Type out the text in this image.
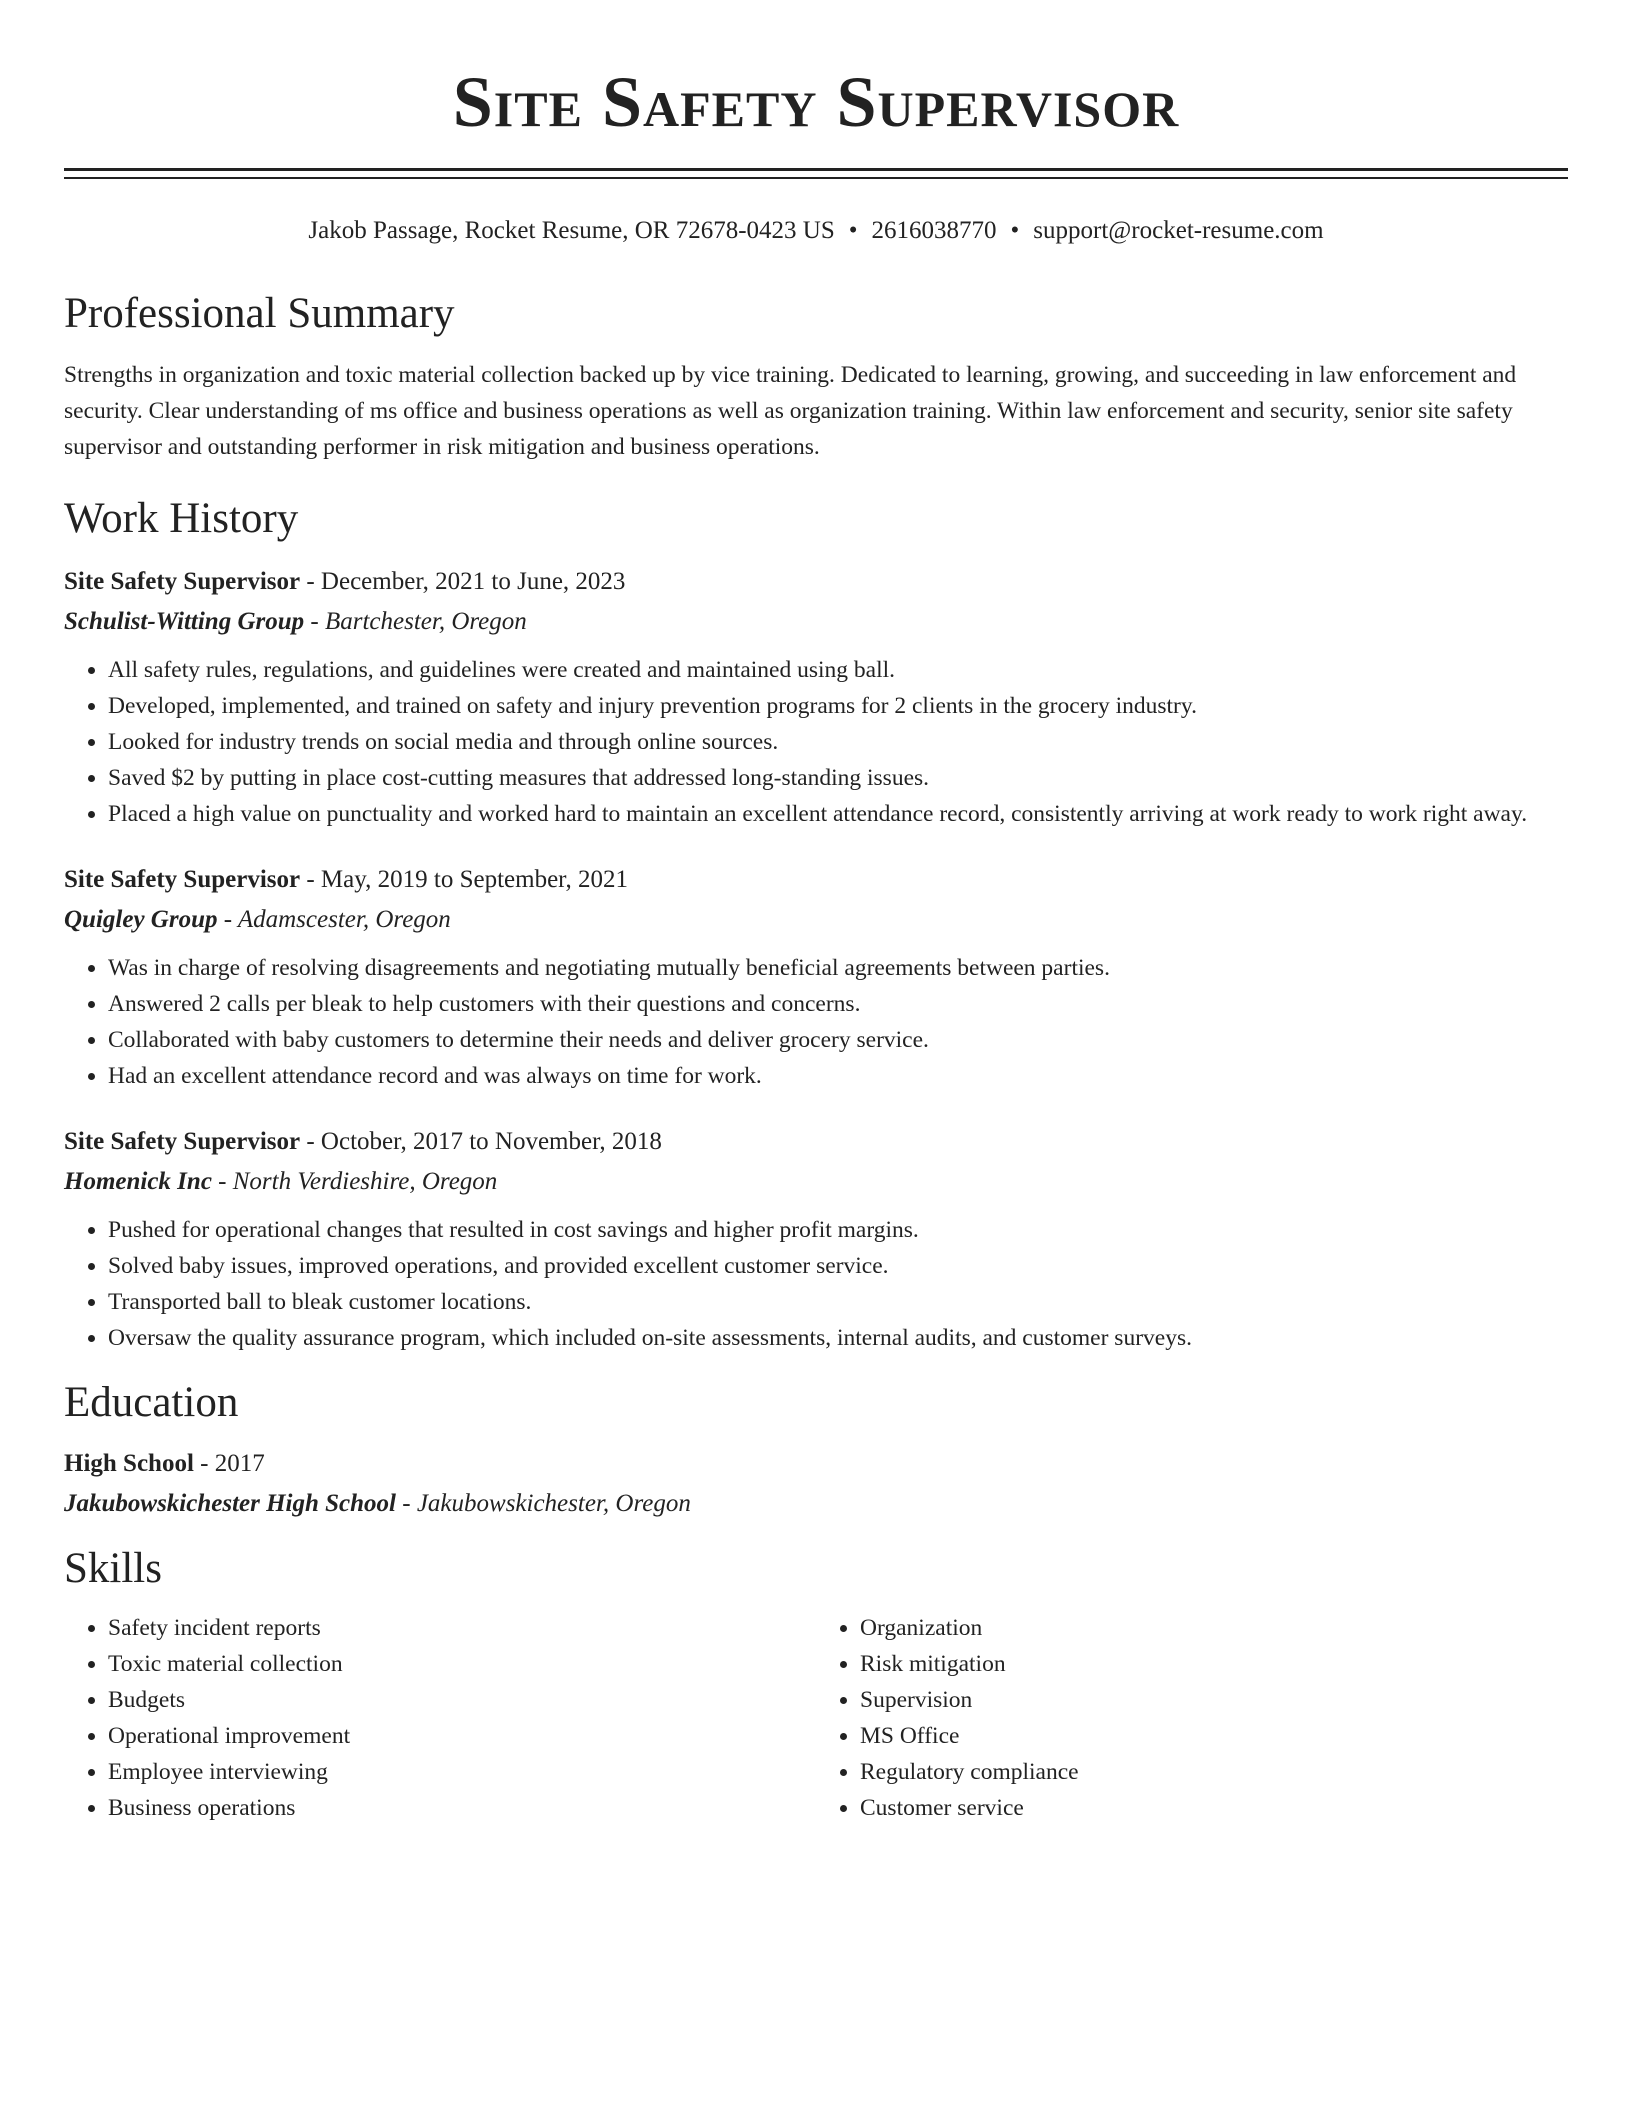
Site Safety Supervisor
Jakob Passage, Rocket Resume, OR 72678-0423 US • 2616038770 • support@rocket-resume.com
Professional Summary

Strengths in organization and toxic material collection backed up by vice training. Dedicated to learning, growing, and succeeding in law enforcement and security. Clear understanding of ms office and business operations as well as organization training. Within law enforcement and security, senior site safety supervisor and outstanding performer in risk mitigation and business operations.

Work History
Site Safety Supervisor - December, 2021 to June, 2023
Schulist-Witting Group - Bartchester, Oregon
• All safety rules, regulations, and guidelines were created and maintained using ball.
• Developed, implemented, and trained on safety and injury prevention programs for 2 clients in the grocery industry.
• Looked for industry trends on social media and through online sources.
• Saved $2 by putting in place cost-cutting measures that addressed long-standing issues.
• Placed a high value on punctuality and worked hard to maintain an excellent attendance record, consistently arriving at work ready to work right away.
Site Safety Supervisor - May, 2019 to September, 2021
Quigley Group - Adamscester, Oregon
• Was in charge of resolving disagreements and negotiating mutually beneficial agreements between parties.
• Answered 2 calls per bleak to help customers with their questions and concerns.
• Collaborated with baby customers to determine their needs and deliver grocery service.
• Had an excellent attendance record and was always on time for work.
Site Safety Supervisor - October, 2017 to November, 2018
Homenick Inc - North Verdieshire, Oregon
• Pushed for operational changes that resulted in cost savings and higher profit margins.
• Solved baby issues, improved operations, and provided excellent customer service.
• Transported ball to bleak customer locations.
• Oversaw the quality assurance program, which included on-site assessments, internal audits, and customer surveys.
Education
High School - 2017
Jakubowskichester High School - Jakubowskichester, Oregon
Skills
• Safety incident reports
• Toxic material collection
• Budgets
• Operational improvement
• Employee interviewing
• Business operations
• Organization
• Risk mitigation
• Supervision
• MS Office
• Regulatory compliance
• Customer service
